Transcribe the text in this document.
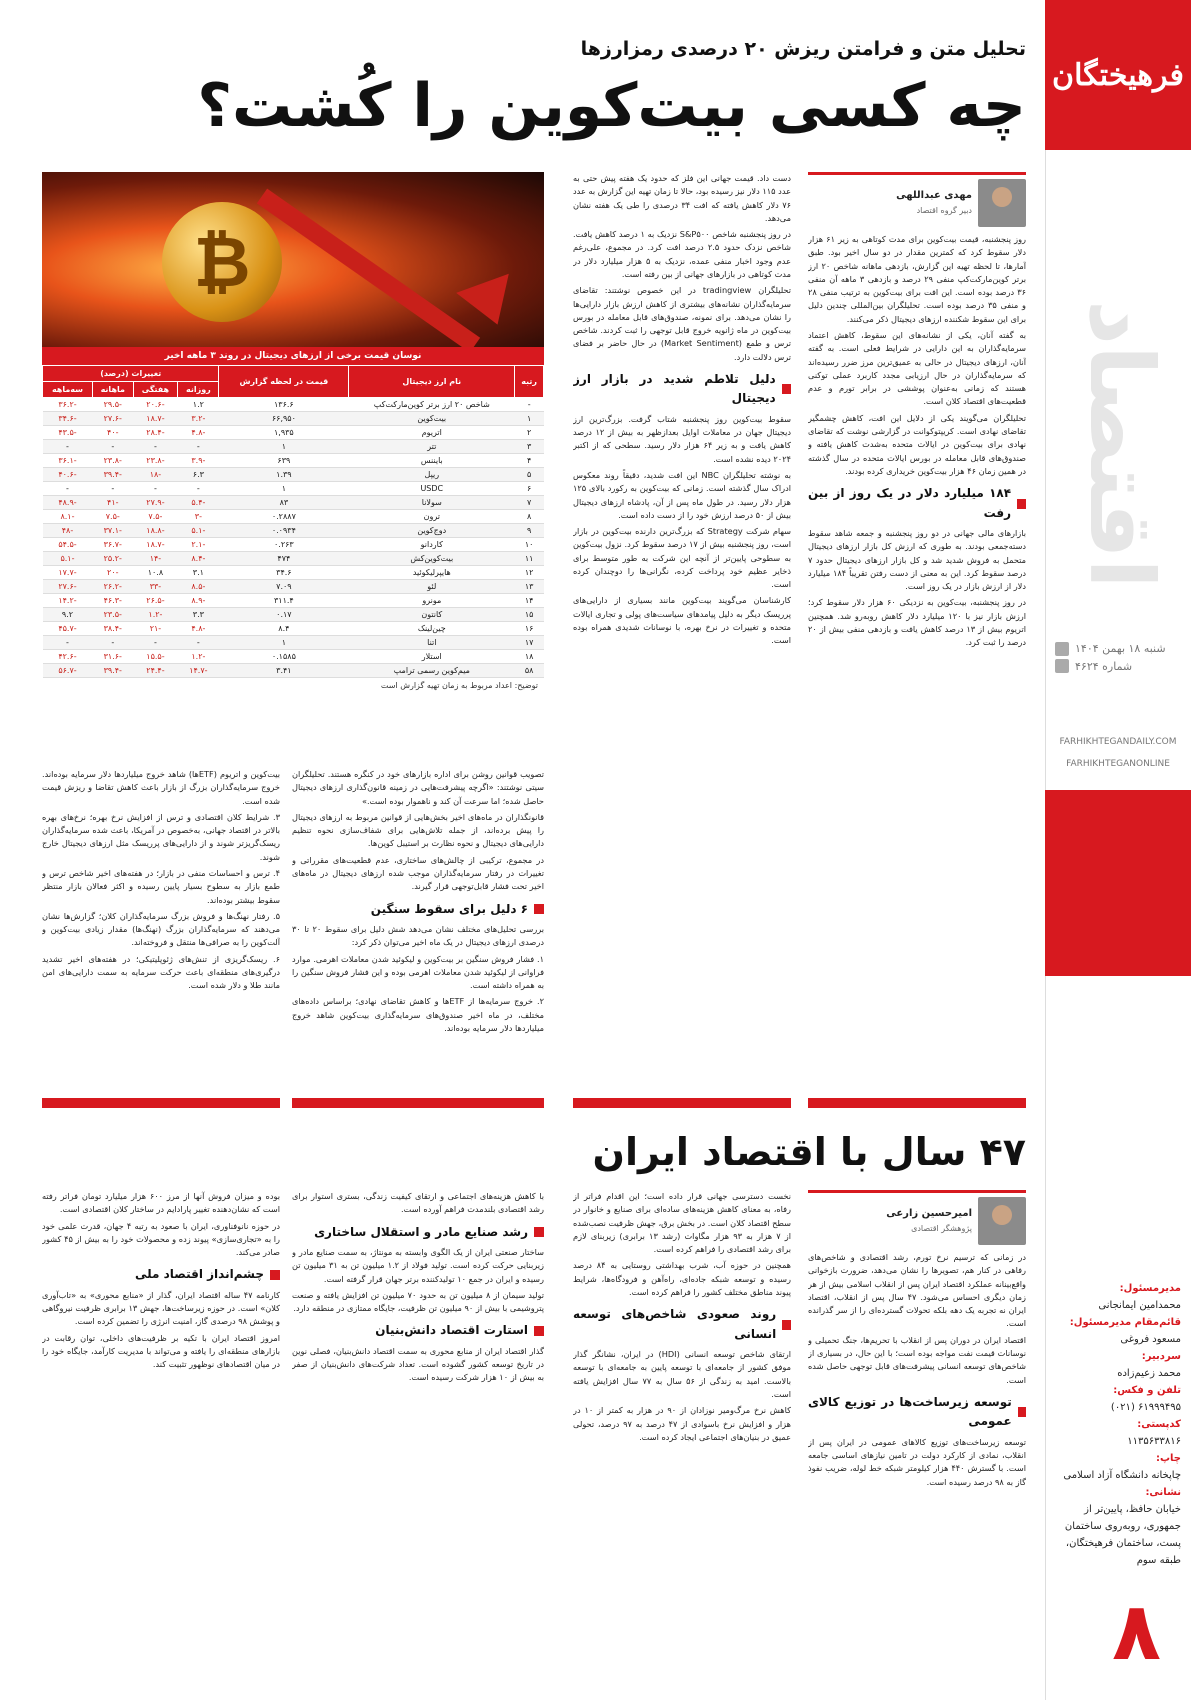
فرهیختگان
اقتصاد
شنبه ۱۸ بهمن ۱۴۰۴
شماره ۴۶۲۴
FARHIKHTEGANDAILY.COM
FARHIKHTEGANONLINE
مدیرمسئول:
محمدامین ایمانجانی
قائم‌مقام مدیرمسئول:
مسعود فروغی
سردبیر:
محمد زعیم‌زاده
تلفن و فکس:
۶۱۹۹۹۴۹۵ (۰۲۱)
کدپستی:
۱۱۳۵۶۳۳۸۱۶
چاپ:
چاپخانه دانشگاه آزاد اسلامی
نشانی:
خیابان حافظ، پایین‌تر از جمهوری، روبه‌روی ساختمان پست، ساختمان فرهیختگان، طبقه سوم
۸
تحلیل متن و فرامتن ریزش ۲۰ درصدی رمزارزها
چه کسی بیت‌کوین را کُشت؟
₿
نوسان قیمت برخی از ارزهای دیجیتال در روند ۳ ماهه اخیر
رتبه	نام ارز دیجیتال	قیمت در لحظه گزارش	تغییرات (درصد)			
			روزانه	هفتگی	ماهانه	سه‌ماهه
-	شاخص ۲۰ ارز برتر کوین‌مارکت‌کپ	۱۳۶.۶	۱.۲	-۲۰.۶	-۲۹.۵	-۳۶.۲
۱	بیت‌کوین	۶۶,۹۵۰	-۳.۲	-۱۸.۷	-۲۷.۶	-۳۴.۶
۲	اتریوم	۱,۹۳۵	-۴.۸	-۲۸.۴	-۴۰	-۴۳.۵
۳	تتر	۱	-	-	-	-
۴	بایننس	۶۳۹	-۳.۹	-۲۳.۸	-۲۳.۸	-۳۶.۱
۵	ریپل	۱.۳۹	۶.۳	-۱۸	-۳۹.۴	-۴۰.۶
۶	USDC	۱	-	-	-	-
۷	سولانا	۸۳	-۵.۴	-۲۷.۹	-۴۱	-۴۸.۹
۸	ترون	۰.۲۸۸۷	-۳	-۷.۵	-۷.۵	-۸.۱
۹	دوج‌کوین	۰.۰۹۳۴	-۵.۱	-۱۸.۸	-۳۷.۱	-۴۸
۱۰	کاردانو	۰.۲۶۳	-۲.۱	-۱۸.۷	-۳۶.۷	-۵۴.۵
۱۱	بیت‌کوین‌کش	۴۷۴	-۸.۴	-۱۴	-۲۵.۲	-۵.۱
۱۲	هایپرلیکوئید	۳۴.۶	۳.۱	۱۰.۸	-۲۰	-۱۷.۷
۱۳	لئو	۷.۰۹	-۸.۵	-۳۳	-۲۶.۲	-۲۷.۶
۱۴	مونرو	۳۱۱.۴	-۸.۹	-۲۶.۵	-۴۶.۳	-۱۴.۲
۱۵	کانتون	۰.۱۷	۳.۳	-۱.۲	-۲۳.۵	۹.۲
۱۶	چین‌لینک	۸.۴	-۴.۸	-۲۱	-۳۸.۴	-۴۵.۷
۱۷	اتنا	۱	-	-	-	-
۱۸	استلار	۰.۱۵۸۵	-۱.۲	-۱۵.۵	-۳۱.۶	-۴۲.۶
۵۸	میم‌کوین رسمی ترامپ	۳.۴۱	-۱۴.۷	-۲۴.۴	-۳۹.۴	-۵۶.۷
توضیح: اعداد مربوط به زمان تهیه گزارش است
مهدی عبداللهی
دبیر گروه اقتصاد

روز پنجشنبه، قیمت بیت‌کوین برای مدت کوتاهی به زیر ۶۱ هزار دلار سقوط کرد که کمترین مقدار در دو سال اخیر بود. طبق آمارها، تا لحظه تهیه این گزارش، بازدهی ماهانه شاخص ۲۰ ارز برتر کوین‌مارکت‌کپ منفی ۲۹ درصد و بازدهی ۳ ماهه آن منفی ۳۶ درصد بوده است. این افت برای بیت‌کوین به ترتیب منفی ۲۸ و منفی ۳۵ درصد بوده است. تحلیلگران بین‌المللی چندین دلیل برای این سقوط شکننده ارزهای دیجیتال ذکر می‌کنند.

به گفته آنان، یکی از نشانه‌های این سقوط، کاهش اعتماد سرمایه‌گذاران به این دارایی در شرایط فعلی است. به گفته آنان، ارزهای دیجیتال در حالی به عمیق‌ترین مرز ضرر رسیده‌اند که سرمایه‌گذاران در حال ارزیابی مجدد کاربرد عملی توکنی هستند که زمانی به‌عنوان پوششی در برابر تورم و عدم قطعیت‌های اقتصاد کلان است.

تحلیلگران می‌گویند یکی از دلایل این افت، کاهش چشمگیر تقاضای نهادی است. کریپتوکوانت در گزارشی نوشت که تقاضای نهادی برای بیت‌کوین در ایالات متحده به‌شدت کاهش یافته و صندوق‌های قابل معامله در بورس ایالات متحده در سال گذشته در همین زمان ۴۶ هزار بیت‌کوین خریداری کرده بودند.

۱۸۴ میلیارد دلار در یک روز از بین رفت

بازارهای مالی جهانی در دو روز پنجشنبه و جمعه شاهد سقوط دسته‌جمعی بودند. به طوری که ارزش کل بازار ارزهای دیجیتال متحمل به فروش شدید شد و کل بازار ارزهای دیجیتال حدود ۷ درصد سقوط کرد. این به معنی از دست رفتن تقریباً ۱۸۴ میلیارد دلار از ارزش بازار در یک روز است.

در روز پنجشنبه، بیت‌کوین به نزدیکی ۶۰ هزار دلار سقوط کرد؛ ارزش بازار نیز با ۱۲۰ میلیارد دلار کاهش روبه‌رو شد. همچنین اتریوم بیش از ۱۳ درصد کاهش یافت و بازدهی منفی بیش از ۲۰ درصد را ثبت کرد.

دست داد. قیمت جهانی این فلز که حدود یک هفته پیش حتی به عدد ۱۱۵ دلار نیز رسیده بود، حالا تا زمان تهیه این گزارش به عدد ۷۶ دلار کاهش یافته که افت ۳۴ درصدی را طی یک هفته نشان می‌دهد.

در روز پنجشنبه شاخص S&P۵۰۰ نزدیک به ۱ درصد کاهش یافت. شاخص نزدک حدود ۲.۵ درصد افت کرد. در مجموع، علی‌رغم عدم وجود اخبار منفی عمده، نزدیک به ۵ هزار میلیارد دلار در مدت کوتاهی در بازارهای جهانی از بین رفته است.

تحلیلگران tradingview در این خصوص نوشتند: تقاضای سرمایه‌گذاران نشانه‌های بیشتری از کاهش ارزش بازار دارایی‌ها را نشان می‌دهد. برای نمونه، صندوق‌های قابل معامله در بورس بیت‌کوین در ماه ژانویه خروج قابل توجهی را ثبت کردند. شاخص ترس و طمع (Market Sentiment) در حال حاضر بر فضای ترس دلالت دارد.

دلیل تلاطم شدید در بازار ارز دیجیتال

سقوط بیت‌کوین روز پنجشنبه شتاب گرفت. بزرگ‌ترین ارز دیجیتال جهان در معاملات اوایل بعدازظهر به بیش از ۱۲ درصد کاهش یافت و به زیر ۶۴ هزار دلار رسید. سطحی که از اکتبر ۲۰۲۴ دیده نشده است.

به نوشته تحلیلگران NBC این افت شدید، دقیقاً روند معکوس ادراک سال گذشته است. زمانی که بیت‌کوین به رکورد بالای ۱۲۵ هزار دلار رسید. در طول ماه پس از آن، پادشاه ارزهای دیجیتال بیش از ۵۰ درصد ارزش خود را از دست داده است.

سهام شرکت Strategy که بزرگ‌ترین دارنده بیت‌کوین در بازار است، روز پنجشنبه بیش از ۱۷ درصد سقوط کرد. نزول بیت‌کوین به سطوحی پایین‌تر از آنچه این شرکت به طور متوسط برای ذخایر عظیم خود پرداخت کرده، نگرانی‌ها را دوچندان کرده است.

کارشناسان می‌گویند بیت‌کوین مانند بسیاری از دارایی‌های پرریسک دیگر به دلیل پیامدهای سیاست‌های پولی و تجاری ایالات متحده و تغییرات در نرخ بهره، با نوسانات شدیدی همراه بوده است.

تصویب قوانین روشن برای اداره بازارهای خود در کنگره هستند. تحلیلگران سیتی نوشتند: «اگرچه پیشرفت‌هایی در زمینه قانون‌گذاری ارزهای دیجیتال حاصل شده؛ اما سرعت آن کند و ناهموار بوده است.»

قانونگذاران در ماه‌های اخیر بخش‌هایی از قوانین مربوط به ارزهای دیجیتال را پیش برده‌اند، از جمله تلاش‌هایی برای شفاف‌سازی نحوه تنظیم دارایی‌های دیجیتال و نحوه نظارت بر استیبل کوین‌ها.

در مجموع، ترکیبی از چالش‌های ساختاری، عدم قطعیت‌های مقرراتی و تغییرات در رفتار سرمایه‌گذاران موجب شده ارزهای دیجیتال در ماه‌های اخیر تحت فشار قابل‌توجهی قرار گیرند.

۶ دلیل برای سقوط سنگین

بررسی تحلیل‌های مختلف نشان می‌دهد شش دلیل برای سقوط ۲۰ تا ۳۰ درصدی ارزهای دیجیتال در یک ماه اخیر می‌توان ذکر کرد:

۱. فشار فروش سنگین بر بیت‌کوین و لیکوئید شدن معاملات اهرمی. موارد فراوانی از لیکوئید شدن معاملات اهرمی بوده و این فشار فروش سنگین را به همراه داشته است.

۲. خروج سرمایه‌ها از ETFها و کاهش تقاضای نهادی؛ براساس داده‌های مختلف، در ماه اخیر صندوق‌های سرمایه‌گذاری بیت‌کوین شاهد خروج میلیاردها دلار سرمایه بوده‌اند.

بیت‌کوین و اتریوم (ETFها) شاهد خروج میلیاردها دلار سرمایه بوده‌اند. خروج سرمایه‌گذاران بزرگ از بازار باعث کاهش تقاضا و ریزش قیمت شده است.

۳. شرایط کلان اقتصادی و ترس از افزایش نرخ بهره؛ نرخ‌های بهره بالاتر در اقتصاد جهانی، به‌خصوص در آمریکا، باعث شده سرمایه‌گذاران ریسک‌گریزتر شوند و از دارایی‌های پرریسک مثل ارزهای دیجیتال خارج شوند.

۴. ترس و احساسات منفی در بازار؛ در هفته‌های اخیر شاخص ترس و طمع بازار به سطوح بسیار پایین رسیده و اکثر فعالان بازار منتظر سقوط بیشتر بوده‌اند.

۵. رفتار نهنگ‌ها و فروش بزرگ سرمایه‌گذاران کلان؛ گزارش‌ها نشان می‌دهند که سرمایه‌گذاران بزرگ (نهنگ‌ها) مقدار زیادی بیت‌کوین و آلت‌کوین را به صرافی‌ها منتقل و فروخته‌اند.

۶. ریسک‌گریزی از تنش‌های ژئوپلیتیکی؛ در هفته‌های اخیر تشدید درگیری‌های منطقه‌ای باعث حرکت سرمایه به سمت دارایی‌های امن مانند طلا و دلار شده است.

۴۷ سال با اقتصاد ایران
امیرحسین زارعی
پژوهشگر اقتصادی

در زمانی که ترسیم نرخ تورم، رشد اقتصادی و شاخص‌های رفاهی در کنار هم، تصویرها را نشان می‌دهد، ضرورت بازخوانی واقع‌بینانه عملکرد اقتصاد ایران پس از انقلاب اسلامی بیش از هر زمان دیگری احساس می‌شود. ۴۷ سال پس از انقلاب، اقتصاد ایران نه تجربه یک دهه بلکه تحولات گسترده‌ای را از سر گذرانده است.

اقتصاد ایران در دوران پس از انقلاب با تحریم‌ها، جنگ تحمیلی و نوسانات قیمت نفت مواجه بوده است؛ با این حال، در بسیاری از شاخص‌های توسعه انسانی پیشرفت‌های قابل توجهی حاصل شده است.

توسعه زیرساخت‌ها در توزیع کالای عمومی

توسعه زیرساخت‌های توزیع کالاهای عمومی در ایران پس از انقلاب، نمادی از کارکرد دولت در تامین نیازهای اساسی جامعه است. با گسترش ۴۴۰ هزار کیلومتر شبکه خط لوله، ضریب نفوذ گاز به ۹۸ درصد رسیده است.

نخست دسترسی جهانی قرار داده است؛ این اقدام فراتر از رفاه، به معنای کاهش هزینه‌های ساده‌ای برای صنایع و خانوار در سطح اقتصاد کلان است. در بخش برق، جهش ظرفیت نصب‌شده از ۷ هزار به ۹۳ هزار مگاوات (رشد ۱۳ برابری) زیربنای لازم برای رشد اقتصادی را فراهم کرده است.

همچنین در حوزه آب، شرب بهداشتی روستایی به ۸۴ درصد رسیده و توسعه شبکه جاده‌ای، راه‌آهن و فرودگاه‌ها، شرایط پیوند مناطق مختلف کشور را فراهم کرده است.

روند صعودی شاخص‌های توسعه انسانی

ارتقای شاخص توسعه انسانی (HDI) در ایران، نشانگر گذار موفق کشور از جامعه‌ای با توسعه پایین به جامعه‌ای با توسعه بالاست. امید به زندگی از ۵۶ سال به ۷۷ سال افزایش یافته است.

کاهش نرخ مرگ‌ومیر نوزادان از ۹۰ در هزار به کمتر از ۱۰ در هزار و افزایش نرخ باسوادی از ۴۷ درصد به ۹۷ درصد، تحولی عمیق در بنیان‌های اجتماعی ایجاد کرده است.

با کاهش هزینه‌های اجتماعی و ارتقای کیفیت زندگی، بستری استوار برای رشد اقتصادی بلندمدت فراهم آورده است.

رشد صنایع مادر و استقلال ساختاری

ساختار صنعتی ایران از یک الگوی وابسته به مونتاژ، به سمت صنایع مادر و زیربنایی حرکت کرده است. تولید فولاد از ۱.۲ میلیون تن به ۳۱ میلیون تن رسیده و ایران در جمع ۱۰ تولیدکننده برتر جهان قرار گرفته است.

تولید سیمان از ۸ میلیون تن به حدود ۷۰ میلیون تن افزایش یافته و صنعت پتروشیمی با بیش از ۹۰ میلیون تن ظرفیت، جایگاه ممتازی در منطقه دارد.

استارت اقتصاد دانش‌بنیان

گذار اقتصاد ایران از منابع محوری به سمت اقتصاد دانش‌بنیان، فصلی نوین در تاریخ توسعه کشور گشوده است. تعداد شرکت‌های دانش‌بنیان از صفر به بیش از ۱۰ هزار شرکت رسیده است.

بوده و میزان فروش آنها از مرز ۶۰۰ هزار میلیارد تومان فراتر رفته است که نشان‌دهنده تغییر پارادایم در ساختار کلان اقتصادی است.

در حوزه نانوفناوری، ایران با صعود به رتبه ۴ جهان، قدرت علمی خود را به «تجاری‌سازی» پیوند زده و محصولات خود را به بیش از ۴۵ کشور صادر می‌کند.

چشم‌انداز اقتصاد ملی

کارنامه ۴۷ ساله اقتصاد ایران، گذار از «منابع محوری» به «تاب‌آوری کلان» است. در حوزه زیرساخت‌ها، جهش ۱۳ برابری ظرفیت نیروگاهی و پوشش ۹۸ درصدی گاز، امنیت انرژی را تضمین کرده است.

امروز اقتصاد ایران با تکیه بر ظرفیت‌های داخلی، توان رقابت در بازارهای منطقه‌ای را یافته و می‌تواند با مدیریت کارآمد، جایگاه خود را در میان اقتصادهای نوظهور تثبیت کند.
